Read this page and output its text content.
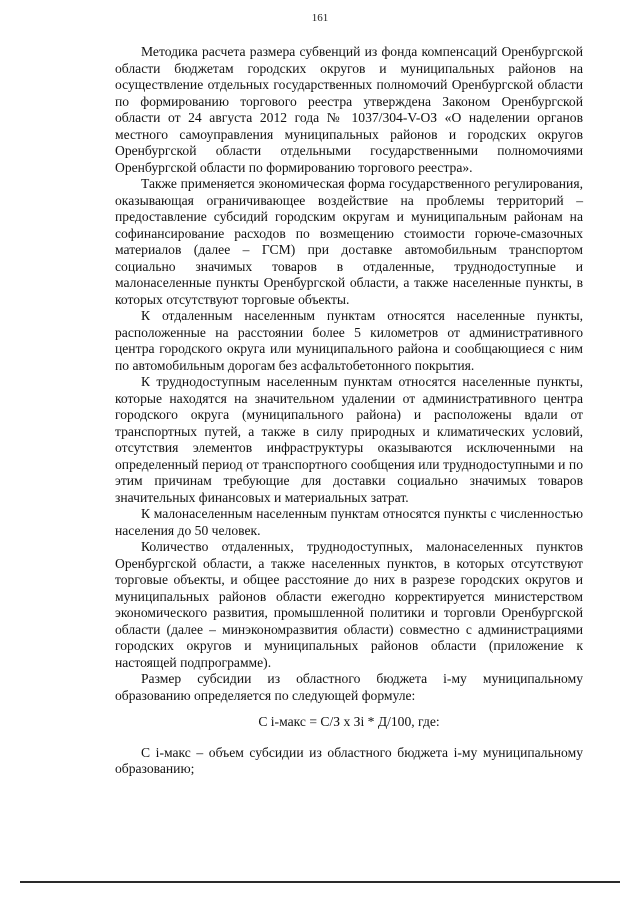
161

Методика расчета размера субвенций из фонда компенсаций Оренбургской области бюджетам городских округов и муниципальных районов на осуществление отдельных государственных полномочий Оренбургской области по формированию торгового реестра утверждена Законом Оренбургской области от 24 августа 2012 года № 1037/304-V-ОЗ «О наделении органов местного самоуправления муниципальных районов и городских округов Оренбургской области отдельными государственными полномочиями Оренбургской области по формированию торгового реестра».

Также применяется экономическая форма государственного регулирования, оказывающая ограничивающее воздействие на проблемы территорий – предоставление субсидий городским округам и муниципальным районам на софинансирование расходов по возмещению стоимости горюче-смазочных материалов (далее – ГСМ) при доставке автомобильным транспортом социально значимых товаров в отдаленные, труднодоступные и малонаселенные пункты Оренбургской области, а также населенные пункты, в которых отсутствуют торговые объекты.

К отдаленным населенным пунктам относятся населенные пункты, расположенные на расстоянии более 5 километров от административного центра городского округа или муниципального района и сообщающиеся с ним по автомобильным дорогам без асфальтобетонного покрытия.

К труднодоступным населенным пунктам относятся населенные пункты, которые находятся на значительном удалении от административного центра городского округа (муниципального района) и расположены вдали от транспортных путей, а также в силу природных и климатических условий, отсутствия элементов инфраструктуры оказываются исключенными на определенный период от транспортного сообщения или труднодоступными и по этим причинам требующие для доставки социально значимых товаров значительных финансовых и материальных затрат.

К малонаселенным населенным пунктам относятся пункты с численностью населения до 50 человек.

Количество отдаленных, труднодоступных, малонаселенных пунктов Оренбургской области, а также населенных пунктов, в которых отсутствуют торговые объекты, и общее расстояние до них в разрезе городских округов и муниципальных районов области ежегодно корректируется министерством экономического развития, промышленной политики и торговли Оренбургской области (далее – минэкономразвития области) совместно с администрациями городских округов и муниципальных районов области (приложение к настоящей подпрограмме).

Размер субсидии из областного бюджета i-му муниципальному образованию определяется по следующей формуле:

С i-макс = С/З х Зi * Д/100, где:

С i-макс – объем субсидии из областного бюджета i-му муниципальному образованию;
